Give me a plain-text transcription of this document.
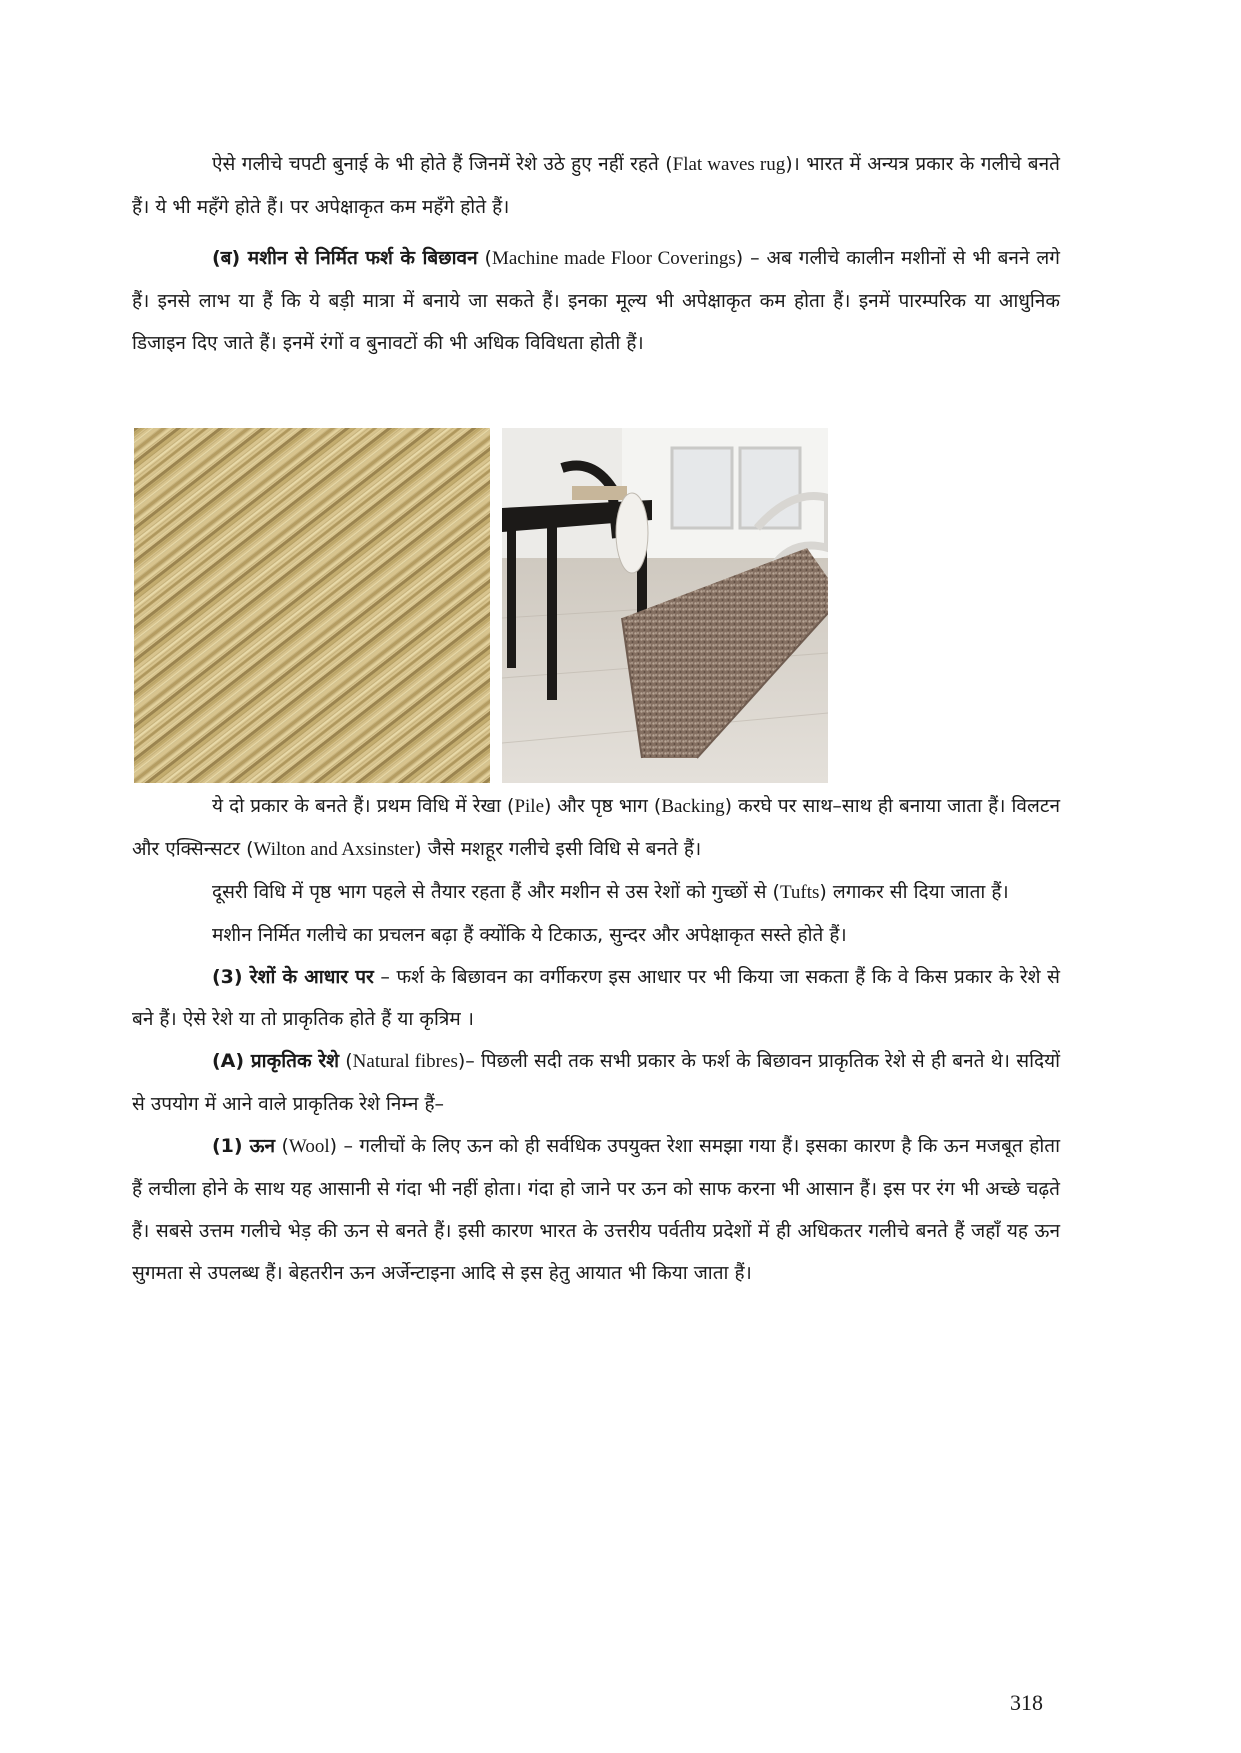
ऐसे गलीचे चपटी बुनाई के भी होते हैं जिनमें रेशे उठे हुए नहीं रहते (Flat waves rug)। भारत में अन्यत्र प्रकार के गलीचे बनते हैं। ये भी महँगे होते हैं। पर अपेक्षाकृत कम महँगे होते हैं।

(ब) मशीन से निर्मित फर्श के बिछावन (Machine made Floor Coverings) – अब गलीचे कालीन मशीनों से भी बनने लगे हैं। इनसे लाभ या हैं कि ये बड़ी मात्रा में बनाये जा सकते हैं। इनका मूल्य भी अपेक्षाकृत कम होता हैं। इनमें पारम्परिक या आधुनिक डिजाइन दिए जाते हैं। इनमें रंगों व बुनावटों की भी अधिक विविधता होती हैं।

ये दो प्रकार के बनते हैं। प्रथम विधि में रेखा (Pile) और पृष्ठ भाग (Backing) करघे पर साथ–साथ ही बनाया जाता हैं। विलटन और एक्सिन्सटर (Wilton and Axsinster) जैसे मशहूर गलीचे इसी विधि से बनते हैं।

दूसरी विधि में पृष्ठ भाग पहले से तैयार रहता हैं और मशीन से उस रेशों को गुच्छों से (Tufts) लगाकर सी दिया जाता हैं।

मशीन निर्मित गलीचे का प्रचलन बढ़ा हैं क्योंकि ये टिकाऊ, सुन्दर और अपेक्षाकृत सस्ते होते हैं।

(3) रेशों के आधार पर – फर्श के बिछावन का वर्गीकरण इस आधार पर भी किया जा सकता हैं कि वे किस प्रकार के रेशे से बने हैं। ऐसे रेशे या तो प्राकृतिक होते हैं या कृत्रिम ।

(A) प्राकृतिक रेशे (Natural fibres)– पिछली सदी तक सभी प्रकार के फर्श के बिछावन प्राकृतिक रेशे से ही बनते थे। सदियों से उपयोग में आने वाले प्राकृतिक रेशे निम्न हैं–

(1) ऊन (Wool) – गलीचों के लिए ऊन को ही सर्वधिक उपयुक्त रेशा समझा गया हैं। इसका कारण है कि ऊन मजबूत होता हैं लचीला होने के साथ यह आसानी से गंदा भी नहीं होता। गंदा हो जाने पर ऊन को साफ करना भी आसान हैं। इस पर रंग भी अच्छे चढ़ते हैं। सबसे उत्तम गलीचे भेड़ की ऊन से बनते हैं। इसी कारण भारत के उत्तरीय पर्वतीय प्रदेशों में ही अधिकतर गलीचे बनते हैं जहाँ यह ऊन सुगमता से उपलब्ध हैं। बेहतरीन ऊन अर्जेन्टाइना आदि से इस हेतु आयात भी किया जाता हैं।

318
